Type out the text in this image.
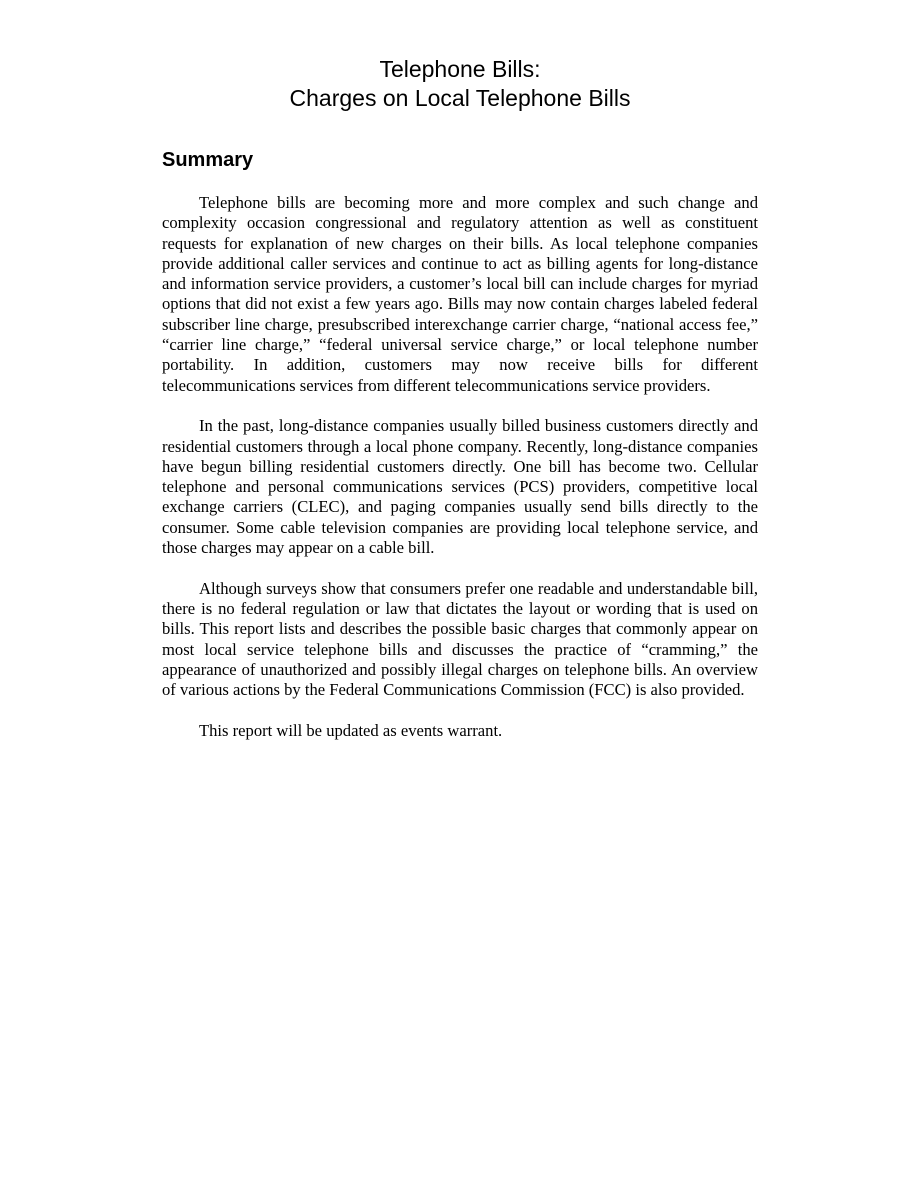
Telephone Bills:
Charges on Local Telephone Bills
Summary

Telephone bills are becoming more and more complex and such change and complexity occasion congressional and regulatory attention as well as constituent requests for explanation of new charges on their bills. As local telephone companies provide additional caller services and continue to act as billing agents for long-distance and information service providers, a customer’s local bill can include charges for myriad options that did not exist a few years ago. Bills may now contain charges labeled federal subscriber line charge, presubscribed interexchange carrier charge, “national access fee,” “carrier line charge,” “federal universal service charge,” or local telephone number portability. In addition, customers may now receive bills for different telecommunications services from different telecommunications service providers.

In the past, long-distance companies usually billed business customers directly and residential customers through a local phone company. Recently, long-distance companies have begun billing residential customers directly. One bill has become two. Cellular telephone and personal communications services (PCS) providers, competitive local exchange carriers (CLEC), and paging companies usually send bills directly to the consumer. Some cable television companies are providing local telephone service, and those charges may appear on a cable bill.

Although surveys show that consumers prefer one readable and understandable bill, there is no federal regulation or law that dictates the layout or wording that is used on bills. This report lists and describes the possible basic charges that commonly appear on most local service telephone bills and discusses the practice of “cramming,” the appearance of unauthorized and possibly illegal charges on telephone bills. An overview of various actions by the Federal Communications Commission (FCC) is also provided.

This report will be updated as events warrant.
